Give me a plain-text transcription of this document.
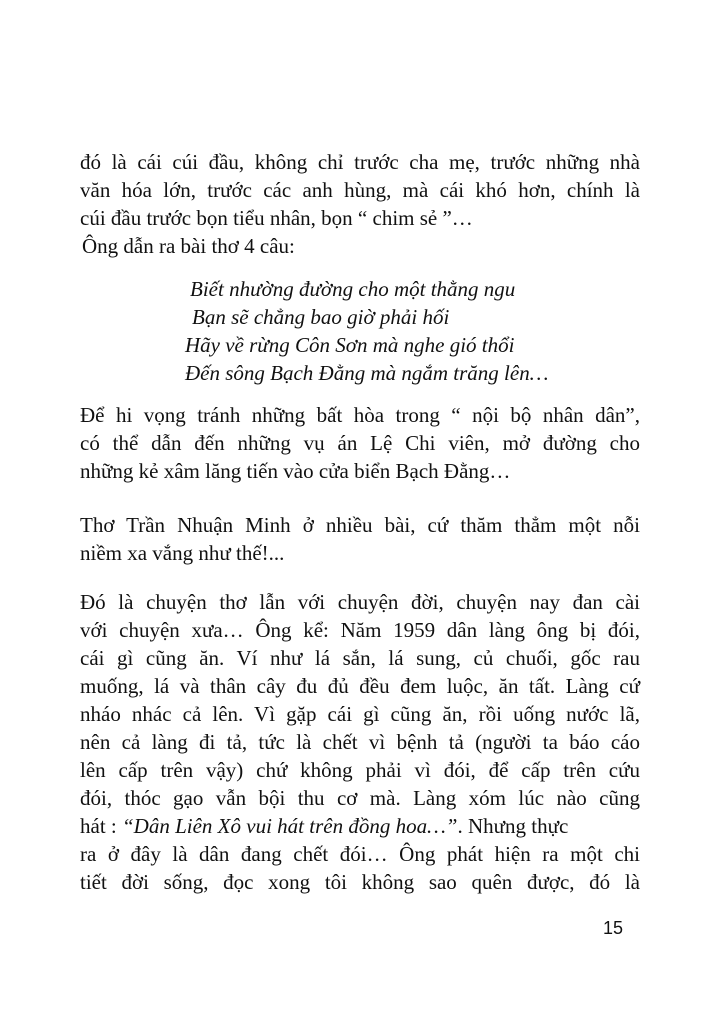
đó là cái cúi đầu, không chỉ trước cha mẹ, trước những nhà
văn hóa lớn, trước các anh hùng, mà cái khó hơn, chính là
cúi đầu trước bọn tiểu nhân, bọn “ chim sẻ ”…
Ông dẫn ra bài thơ 4 câu:
Biết nhường đường cho một thằng ngu
Bạn sẽ chẳng bao giờ phải hối
Hãy về rừng Côn Sơn mà nghe gió thổi
Đến sông Bạch Đằng mà ngắm trăng lên…
Để hi vọng tránh những bất hòa trong “ nội bộ nhân dân”,
có thể dẫn đến những vụ án Lệ Chi viên, mở đường cho
những kẻ xâm lăng tiến vào cửa biển Bạch Đằng…
Thơ Trần Nhuận Minh ở nhiều bài, cứ thăm thẳm một nỗi
niềm xa vắng như thế!...
Đó là chuyện thơ lẫn với chuyện đời, chuyện nay đan cài
với chuyện xưa… Ông kể: Năm 1959 dân làng ông bị đói,
cái gì cũng ăn. Ví như lá sắn, lá sung, củ chuối, gốc rau
muống, lá và thân cây đu đủ đều đem luộc, ăn tất. Làng cứ
nháo nhác cả lên. Vì gặp cái gì cũng ăn, rồi uống nước lã,
nên cả làng đi tả, tức là chết vì bệnh tả (người ta báo cáo
lên cấp trên vậy) chứ không phải vì đói, để cấp trên cứu
đói, thóc gạo vẫn bội thu cơ mà. Làng xóm lúc nào cũng
hát : “Dân Liên Xô vui hát trên đồng hoa…”. Nhưng thực
ra ở đây là dân đang chết đói… Ông phát hiện ra một chi
tiết đời sống, đọc xong tôi không sao quên được, đó là
15
